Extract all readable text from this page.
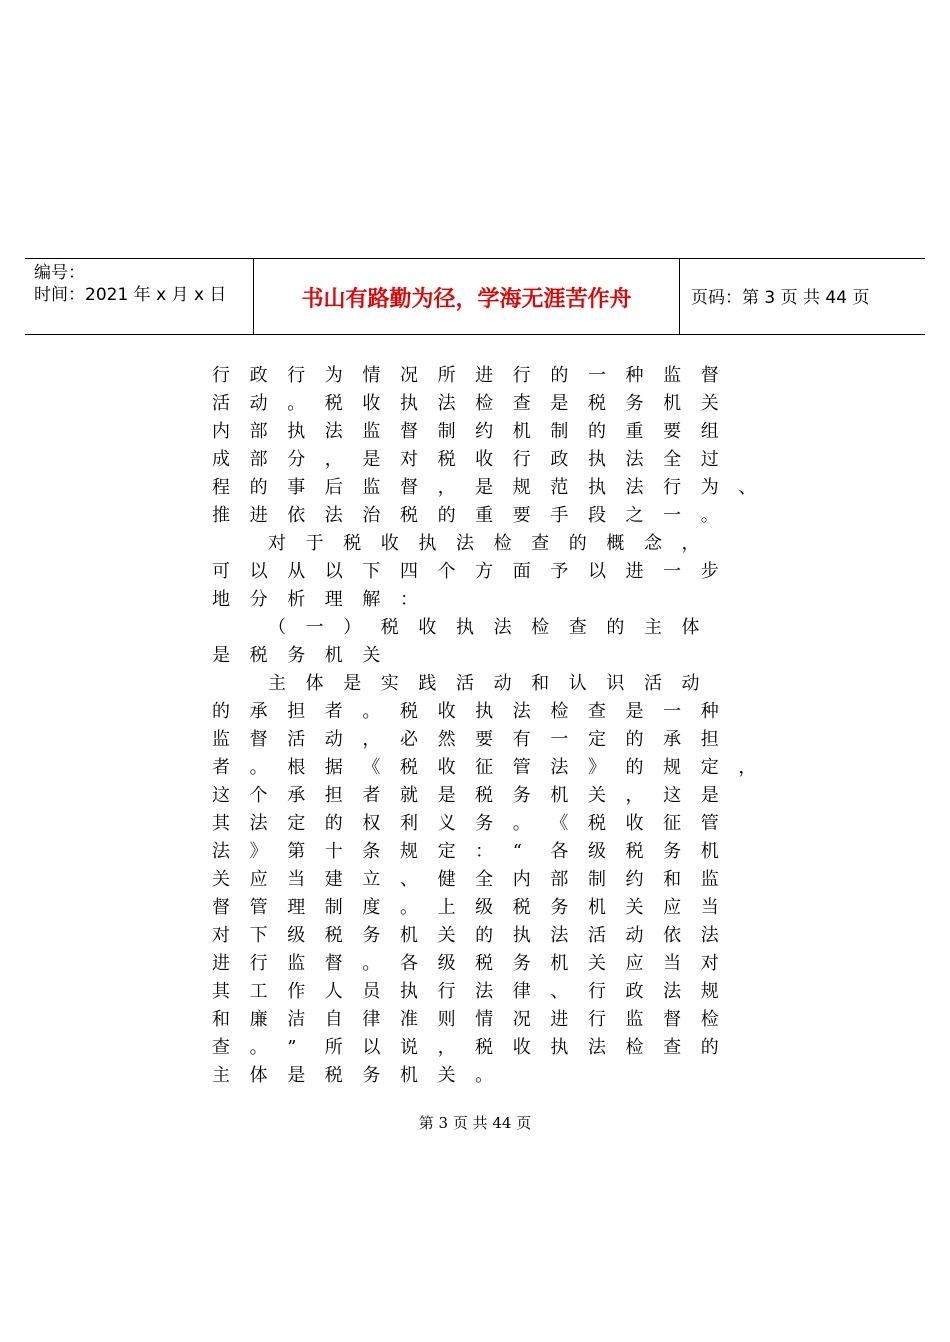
编号：
时间：2021 年 x 月 x 日	书山有路勤为径，学海无涯苦作舟	页码：第 3 页 共 44 页
行	政	行	为	情	况	所	进	行	的	一	种	监	督
活	动	。	税	收	执	法	检	查	是	税	务	机	关
内	部	执	法	监	督	制	约	机	制	的	重	要	组
成	部	分	，	是	对	税	收	行	政	执	法	全	过
程	的	事	后	监	督	，	是	规	范	执	法	行	为	、
推	进	依	法	治	税	的	重	要	手	段	之	一	。
对	于	税	收	执	法	检	查	的	概	念	，
可	以	从	以	下	四	个	方	面	予	以	进	一	步
地	分	析	理	解	：
（	一	）	税	收	执	法	检	查	的	主	体
是	税	务	机	关
主	体	是	实	践	活	动	和	认	识	活	动
的	承	担	者	。	税	收	执	法	检	查	是	一	种
监	督	活	动	，	必	然	要	有	一	定	的	承	担
者	。	根	据	《	税	收	征	管	法	》	的	规	定	，
这	个	承	担	者	就	是	税	务	机	关	，	这	是
其	法	定	的	权	利	义	务	。	《	税	收	征	管
法	》	第	十	条	规	定	：	“	各	级	税	务	机
关	应	当	建	立	、	健	全	内	部	制	约	和	监
督	管	理	制	度	。	上	级	税	务	机	关	应	当
对	下	级	税	务	机	关	的	执	法	活	动	依	法
进	行	监	督	。	各	级	税	务	机	关	应	当	对
其	工	作	人	员	执	行	法	律	、	行	政	法	规
和	廉	洁	自	律	准	则	情	况	进	行	监	督	检
查	。	”	所	以	说	，	税	收	执	法	检	查	的
主	体	是	税	务	机	关	。
第 3 页 共 44 页
